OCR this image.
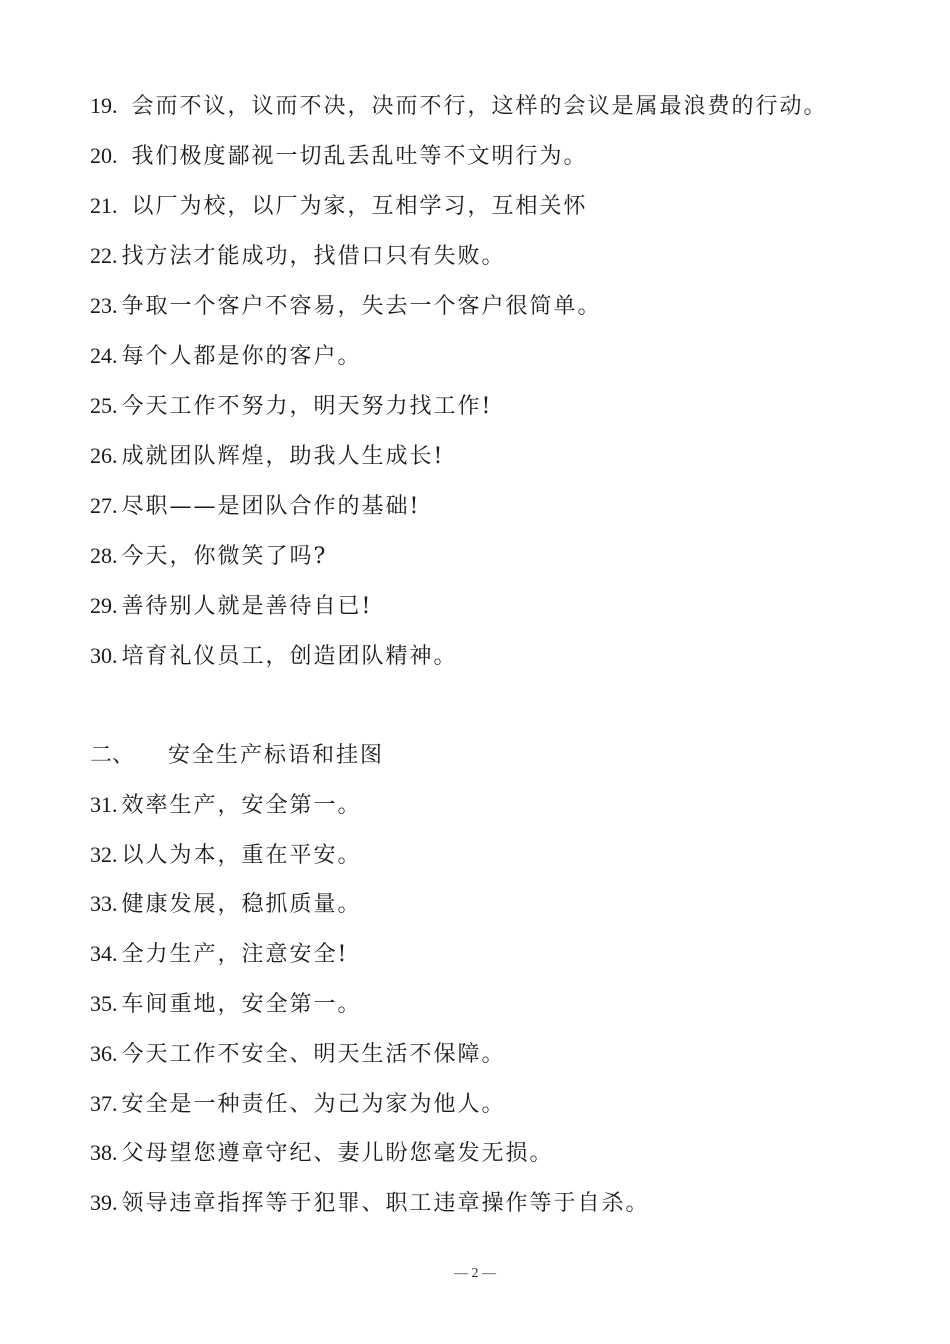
19. 会而不议，议而不决，决而不行，这样的会议是属最浪费的行动。
20. 我们极度鄙视一切乱丢乱吐等不文明行为。
21. 以厂为校，以厂为家，互相学习，互相关怀
22. 找方法才能成功，找借口只有失败。
23. 争取一个客户不容易，失去一个客户很简单。
24. 每个人都是你的客户。
25. 今天工作不努力，明天努力找工作!
26. 成就团队辉煌，助我人生成长!
27. 尽职——是团队合作的基础!
28. 今天，你微笑了吗?
29. 善待别人就是善待自已!
30. 培育礼仪员工，创造团队精神。
二、 安全生产标语和挂图
31. 效率生产，安全第一。
32. 以人为本，重在平安。
33. 健康发展，稳抓质量。
34. 全力生产，注意安全!
35. 车间重地，安全第一。
36. 今天工作不安全、明天生活不保障。
37. 安全是一种责任、为己为家为他人。
38. 父母望您遵章守纪、妻儿盼您毫发无损。
39. 领导违章指挥等于犯罪、职工违章操作等于自杀。
— 2 —
